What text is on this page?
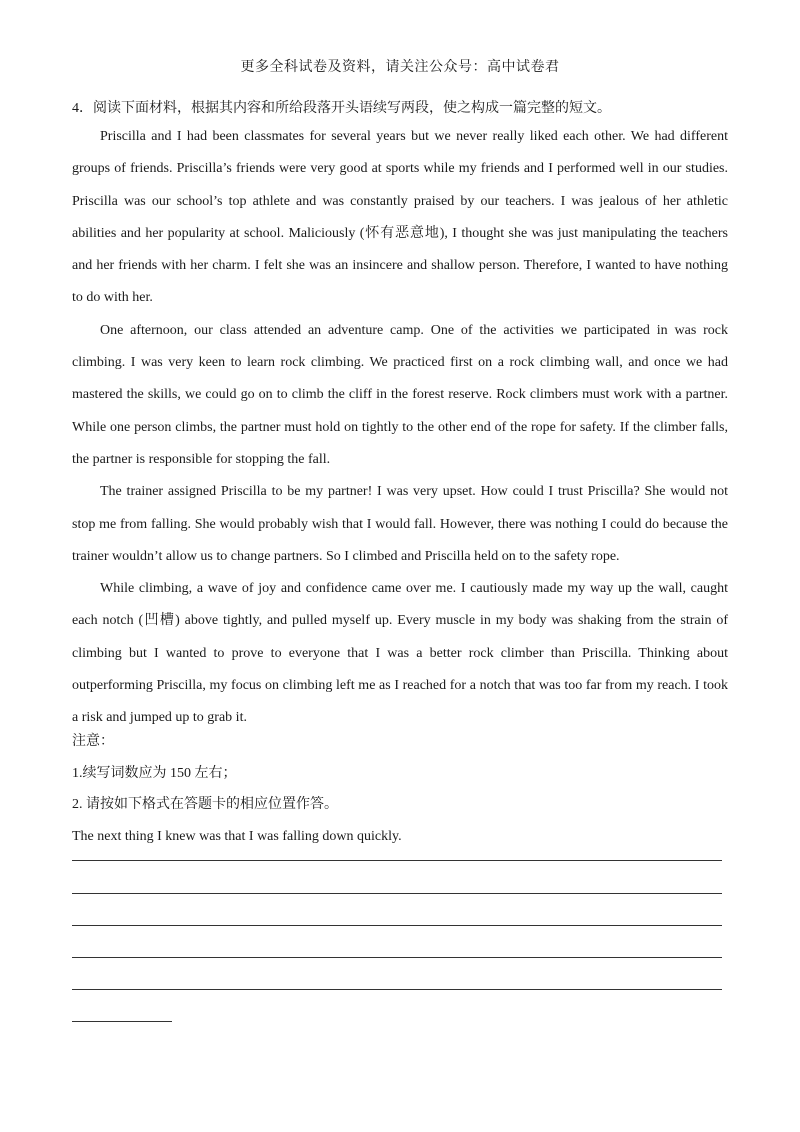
更多全科试卷及资料，请关注公众号：高中试卷君
4．阅读下面材料，根据其内容和所给段落开头语续写两段，使之构成一篇完整的短文。

Priscilla and I had been classmates for several years but we never really liked each other. We had different groups of friends. Priscilla’s friends were very good at sports while my friends and I performed well in our studies. Priscilla was our school’s top athlete and was constantly praised by our teachers. I was jealous of her athletic abilities and her popularity at school. Maliciously (怀有恶意地), I thought she was just manipulating the teachers and her friends with her charm. I felt she was an insincere and shallow person. Therefore, I wanted to have nothing to do with her.

One afternoon, our class attended an adventure camp. One of the activities we participated in was rock climbing. I was very keen to learn rock climbing. We practiced first on a rock climbing wall, and once we had mastered the skills, we could go on to climb the cliff in the forest reserve. Rock climbers must work with a partner. While one person climbs, the partner must hold on tightly to the other end of the rope for safety. If the climber falls, the partner is responsible for stopping the fall.

The trainer assigned Priscilla to be my partner! I was very upset. How could I trust Priscilla? She would not stop me from falling. She would probably wish that I would fall. However, there was nothing I could do because the trainer wouldn’t allow us to change partners. So I climbed and Priscilla held on to the safety rope.

While climbing, a wave of joy and confidence came over me. I cautiously made my way up the wall, caught each notch (凹槽) above tightly, and pulled myself up. Every muscle in my body was shaking from the strain of climbing but I wanted to prove to everyone that I was a better rock climber than Priscilla. Thinking about outperforming Priscilla, my focus on climbing left me as I reached for a notch that was too far from my reach. I took a risk and jumped up to grab it.

注意：
1.续写词数应为 150 左右；
2. 请按如下格式在答题卡的相应位置作答。
The next thing I knew was that I was falling down quickly.
